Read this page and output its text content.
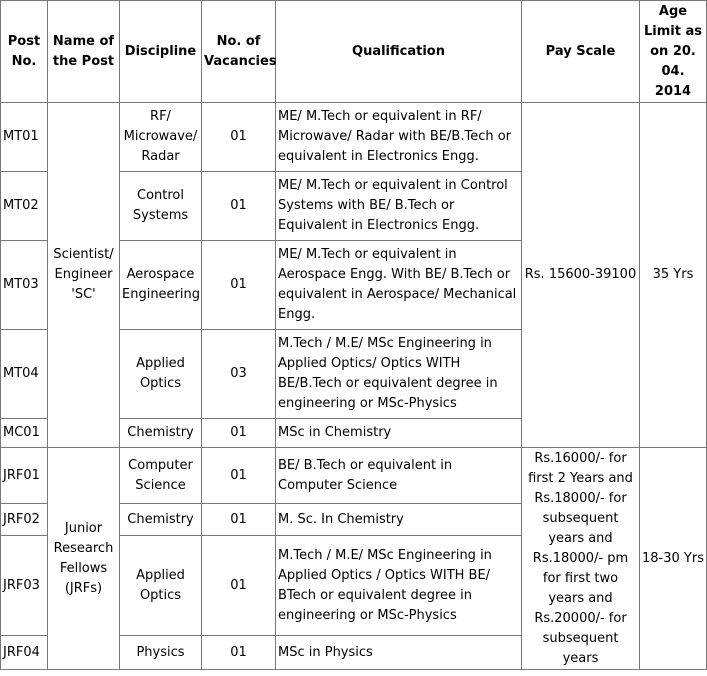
Post No.	Name of the Post	Discipline	No. of Vacancies	Qualification	Pay Scale	Age Limit as on 20. 04. 2014
MT01	Scientist/ Engineer 'SC'	RF/ Microwave/ Radar	01	ME/ M.Tech or equivalent in RF/ Microwave/ Radar with BE/B.Tech or equivalent in Electronics Engg.	Rs. 15600-39100	35 Yrs
MT02		Control Systems	01	ME/ M.Tech or equivalent in Control Systems with BE/ B.Tech or Equivalent in Electronics Engg.		
MT03		Aerospace Engineering	01	ME/ M.Tech or equivalent in Aerospace Engg. With BE/ B.Tech or equivalent in Aerospace/ Mechanical Engg.		
MT04		Applied Optics	03	M.Tech / M.E/ MSc Engineering in Applied Optics/ Optics WITH BE/B.Tech or equivalent degree in engineering or MSc-Physics		
MC01		Chemistry	01	MSc in Chemistry		
JRF01	Junior Research Fellows (JRFs)	Computer Science	01	BE/ B.Tech or equivalent in Computer Science	Rs.16000/- for first 2 Years and Rs.18000/- for subsequent years and Rs.18000/- pm for first two years and Rs.20000/- for subsequent years	18-30 Yrs
JRF02		Chemistry	01	M. Sc. In Chemistry		
JRF03		Applied Optics	01	M.Tech / M.E/ MSc Engineering in Applied Optics / Optics WITH BE/ BTech or equivalent degree in engineering or MSc-Physics		
JRF04		Physics	01	MSc in Physics		
